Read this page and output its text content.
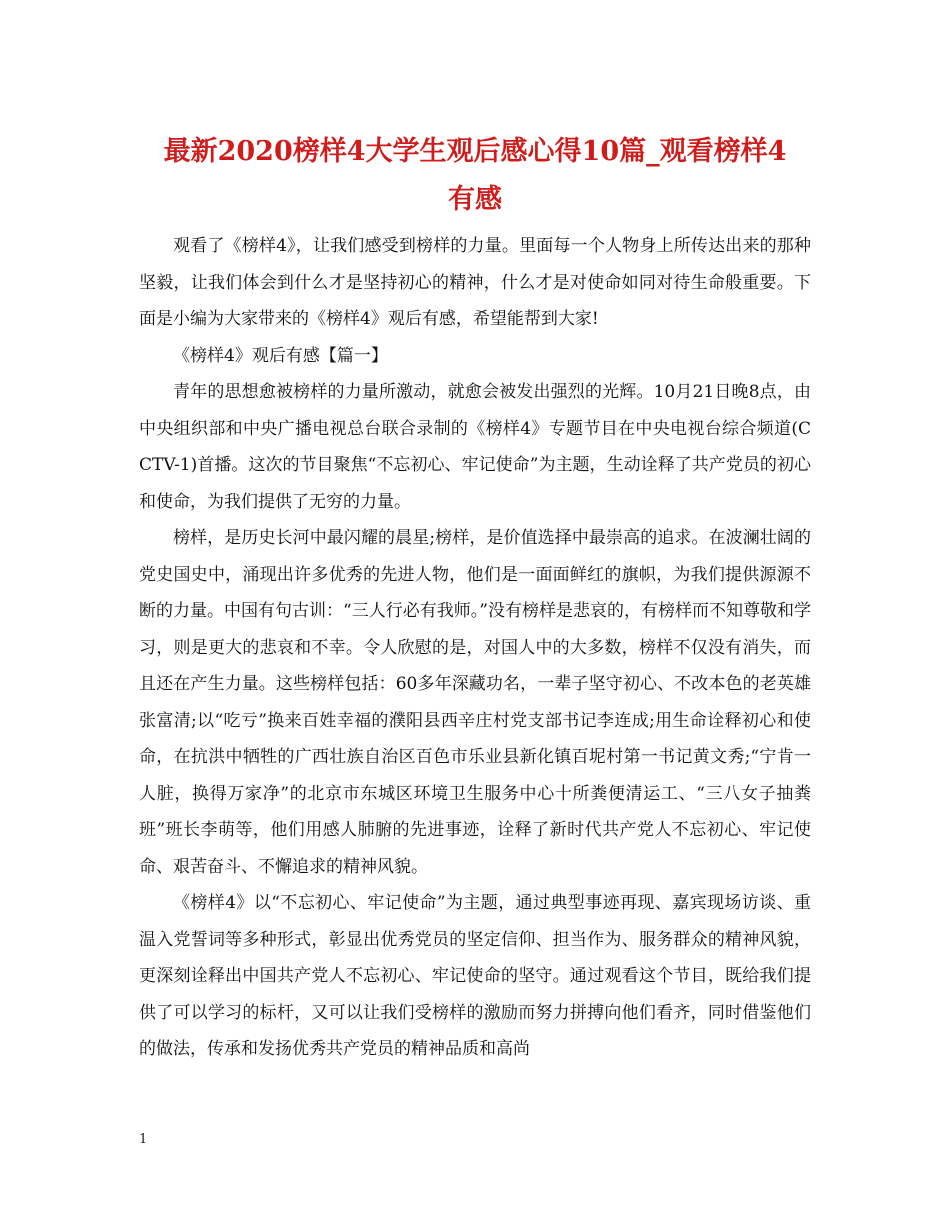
最新2020榜样4大学生观后感心得10篇_观看榜样4
有感

观看了《榜样4》，让我们感受到榜样的力量。里面每一个人物身上所传达出来的那种坚毅，让我们体会到什么才是坚持初心的精神，什么才是对使命如同对待生命般重要。下面是小编为大家带来的《榜样4》观后有感，希望能帮到大家!

《榜样4》观后有感【篇一】

青年的思想愈被榜样的力量所激动，就愈会被发出强烈的光辉。10月21日晚8点，由中央组织部和中央广播电视总台联合录制的《榜样4》专题节目在中央电视台综合频道(CCTV-1)首播。这次的节目聚焦“不忘初心、牢记使命”为主题，生动诠释了共产党员的初心和使命，为我们提供了无穷的力量。

榜样，是历史长河中最闪耀的晨星;榜样，是价值选择中最崇高的追求。在波澜壮阔的党史国史中，涌现出许多优秀的先进人物，他们是一面面鲜红的旗帜，为我们提供源源不断的力量。中国有句古训：“三人行必有我师。”没有榜样是悲哀的，有榜样而不知尊敬和学习，则是更大的悲哀和不幸。令人欣慰的是，对国人中的大多数，榜样不仅没有消失，而且还在产生力量。这些榜样包括：60多年深藏功名，一辈子坚守初心、不改本色的老英雄张富清;以“吃亏”换来百姓幸福的濮阳县西辛庄村党支部书记李连成;用生命诠释初心和使命，在抗洪中牺牲的广西壮族自治区百色市乐业县新化镇百坭村第一书记黄文秀;“宁肯一人脏，换得万家净”的北京市东城区环境卫生服务中心十所粪便清运工、“三八女子抽粪班”班长李萌等，他们用感人肺腑的先进事迹，诠释了新时代共产党人不忘初心、牢记使命、艰苦奋斗、不懈追求的精神风貌。

《榜样4》以“不忘初心、牢记使命”为主题，通过典型事迹再现、嘉宾现场访谈、重温入党誓词等多种形式，彰显出优秀党员的坚定信仰、担当作为、服务群众的精神风貌，更深刻诠释出中国共产党人不忘初心、牢记使命的坚守。通过观看这个节目，既给我们提供了可以学习的标杆，又可以让我们受榜样的激励而努力拼搏向他们看齐，同时借鉴他们的做法，传承和发扬优秀共产党员的精神品质和高尚

1
